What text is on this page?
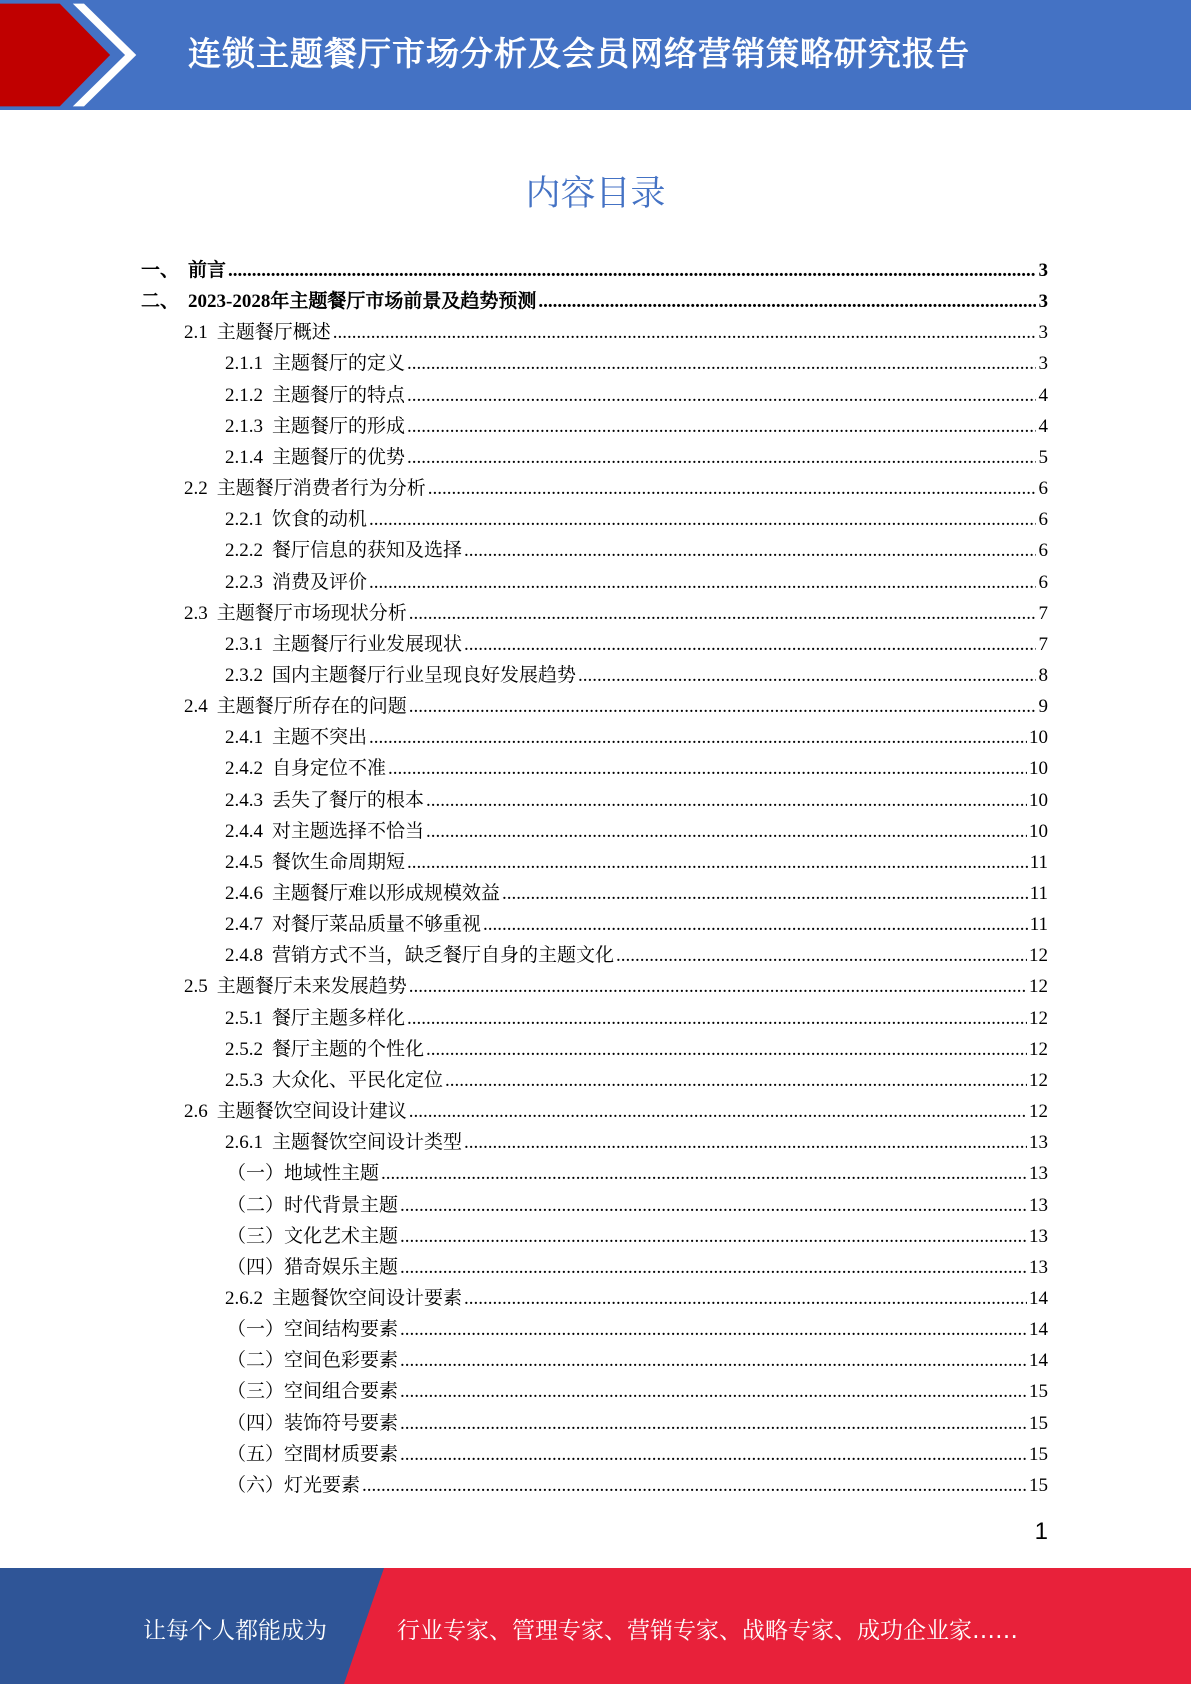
连锁主题餐厅市场分析及会员网络营销策略研究报告
内容目录
一、 前言 .....	3
二、 2023-2028年主题餐厅市场前景及趋势预测 .....	3
2.1 主题餐厅概述 .....	3
2.1.1 主题餐厅的定义 .....	3
2.1.2 主题餐厅的特点 .....	4
2.1.3 主题餐厅的形成 .....	4
2.1.4 主题餐厅的优势 .....	5
2.2 主题餐厅消费者行为分析 .....	6
2.2.1 饮食的动机 .....	6
2.2.2 餐厅信息的获知及选择 .....	6
2.2.3 消费及评价 .....	6
2.3 主题餐厅市场现状分析 .....	7
2.3.1 主题餐厅行业发展现状 .....	7
2.3.2 国内主题餐厅行业呈现良好发展趋势 .....	8
2.4 主题餐厅所存在的问题 .....	9
2.4.1 主题不突出 .....	10
2.4.2 自身定位不准 .....	10
2.4.3 丢失了餐厅的根本 .....	10
2.4.4 对主题选择不恰当 .....	10
2.4.5 餐饮生命周期短 .....	11
2.4.6 主题餐厅难以形成规模效益 .....	11
2.4.7 对餐厅菜品质量不够重视 .....	11
2.4.8 营销方式不当，缺乏餐厅自身的主题文化 .....	12
2.5 主题餐厅未来发展趋势 .....	12
2.5.1 餐厅主题多样化 .....	12
2.5.2 餐厅主题的个性化 .....	12
2.5.3 大众化、平民化定位 .....	12
2.6 主题餐饮空间设计建议 .....	12
2.6.1 主题餐饮空间设计类型 .....	13
（一）地域性主题 .....	13
（二）时代背景主题 .....	13
（三）文化艺术主题 .....	13
（四）猎奇娱乐主题 .....	13
2.6.2 主题餐饮空间设计要素 .....	14
（一）空间结构要素 .....	14
（二）空间色彩要素 .....	14
（三）空间组合要素 .....	15
（四）装饰符号要素 .....	15
（五）空間材质要素 .....	15
（六）灯光要素 .....	15
1
让每个人都能成为	行业专家、管理专家、营销专家、战略专家、成功企业家……
